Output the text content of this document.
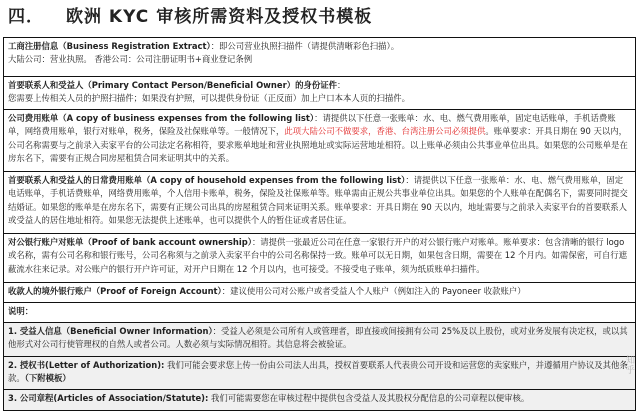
四． 欧洲 KYC 审核所需资料及授权书模板

工商注册信息（Business Registration Extract）：即公司营业执照扫描件（请提供清晰彩色扫描）。

大陆公司：营业执照。 香港公司：公司注册证明书+商业登记条例

首要联系人和受益人（Primary Contact Person/Beneficial Owner）的身份证件：

您需要上传相关人员的护照扫描件；如果没有护照，可以提供身份证（正反面）加上户口本本人页的扫描件。

公司费用账单（A copy of business expenses from the following list）：请提供以下任意一张账单：水、电、燃气费用账单，固定电话账单，手机话费账单，网络费用账单，银行对账单，税务，保险及社保账单等。一般情况下，此项大陆公司不做要求，香港、台湾注册公司必须提供。账单要求：开具日期在 90 天以内，公司名称需要与之前录入卖家平台的公司法定名称相符，要求账单地址和营业执照地址或实际运营地址相符。以上账单必须由公共事业单位出具。如果您的公司账单是在房东名下，需要有正规合同房屋租赁合同来证明其中的关系。

首要联系人和受益人的日常费用账单（A copy of household expenses from the following list）：请提供以下任意一张账单：水、电、燃气费用账单，固定电话账单，手机话费账单，网络费用账单，个人信用卡账单，税务，保险及社保账单等。账单需由正规公共事业单位出具。如果您的个人账单在配偶名下，需要同时提交结婚证。如果您的账单是在房东名下，需要有正规公司出具的房屋租赁合同来证明关系。账单要求：开具日期在 90 天以内，地址需要与之前录入卖家平台的首要联系人或受益人的居住地址相符。如果您无法提供上述账单，也可以提供个人的暂住证或者居住证。

对公银行账户对账单（Proof of bank account ownership）：请提供一张最近公司在任意一家银行开户的对公银行账户对账单。账单要求：包含清晰的银行 logo 或名称，需有公司名称和银行账号，公司名称须与之前录入卖家平台中的公司名称保持一致。账单可以无日期，如果包含日期，需要在 12 个月内。如需保密，可自行遮蔽流水往来记录。对公账户的银行开户许可证，对开户日期在 12 个月以内，也可接受。不接受电子账单，须为纸质账单扫描件。

收款人的境外银行账户（Proof of Foreign Account）：建议使用公司对公账户或者受益人个人账户（例如注入的 Payoneer 收款账户）

说明：

1. 受益人信息（Beneficial Owner Information）：受益人必须是公司所有人或管理者，即直接或间接拥有公司 25%及以上股份，或对业务发展有决定权，或以其他形式对公司行使管理权的自然人或者公司。人数必须与实际情况相符。其信息将会被验证。

2. 授权书(Letter of Authorization): 我们可能会要求您上传一份由公司法人出具，授权首要联系人代表贵公司开设和运营您的卖家账户，并遵循用户协议及其他条款。（下附模板）

3. 公司章程(Articles of Association/Statute): 我们可能需要您在审核过程中提供包含受益人及其股权分配信息的公司章程以便审核。

知乎
